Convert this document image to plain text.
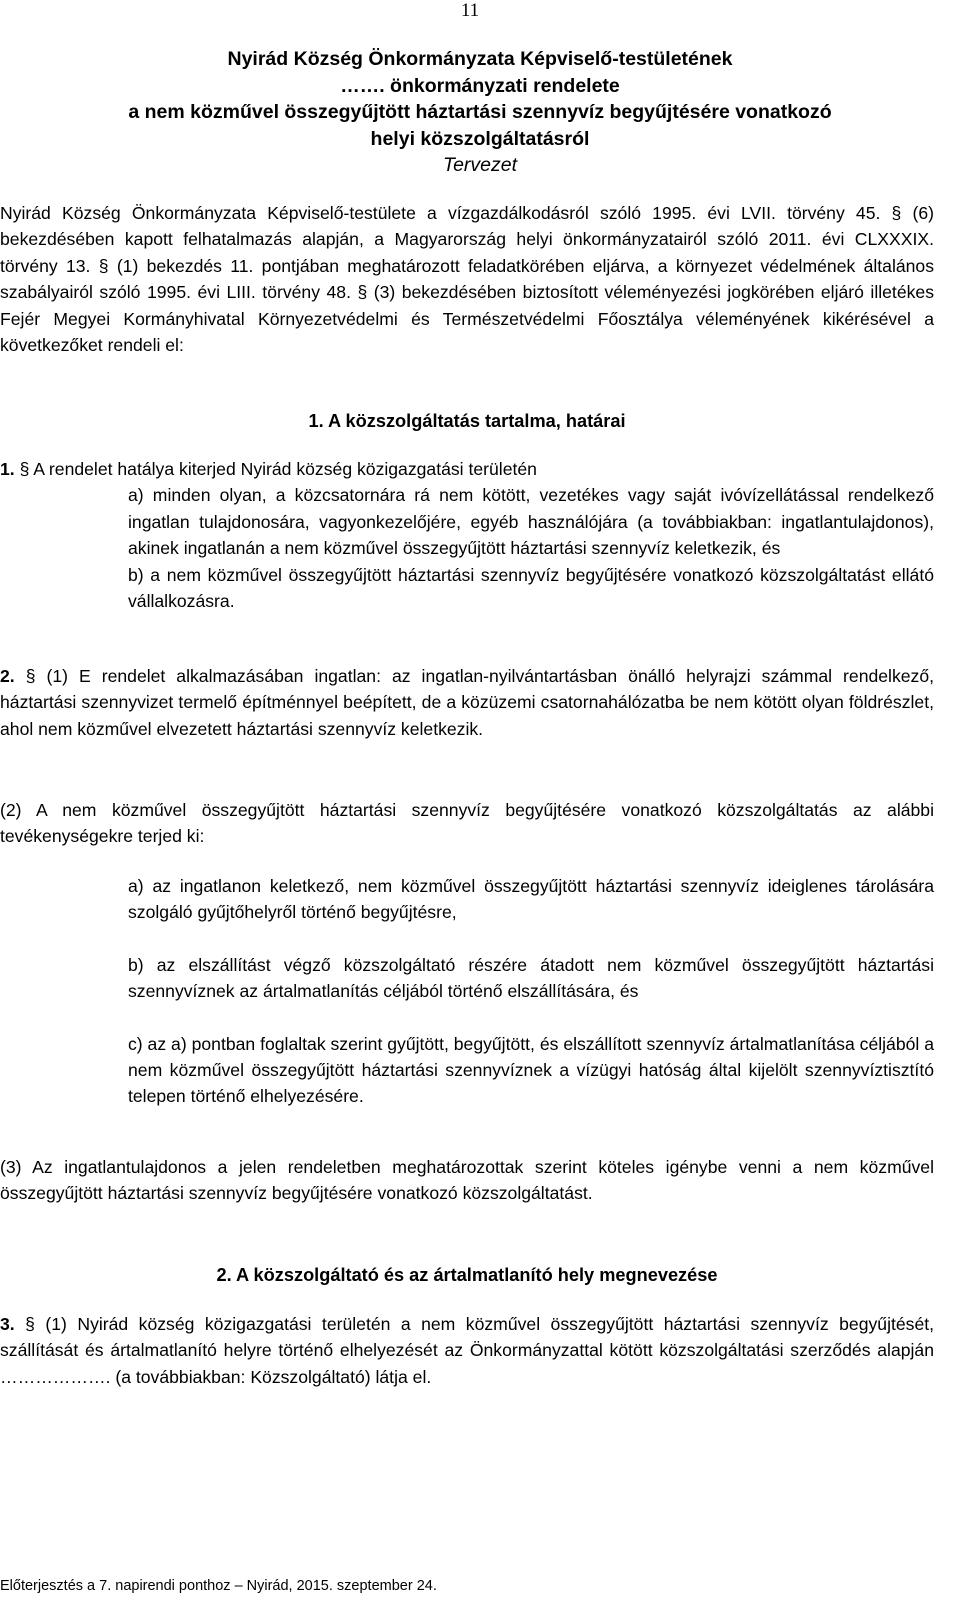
11
Nyirád Község Önkormányzata Képviselő-testületének
……. önkormányzati rendelete
a nem közművel összegyűjtött háztartási szennyvíz begyűjtésére vonatkozó
helyi közszolgáltatásról
Tervezet

Nyirád Község Önkormányzata Képviselő-testülete a vízgazdálkodásról szóló 1995. évi LVII. törvény 45. § (6) bekezdésében kapott felhatalmazás alapján, a Magyarország helyi önkormányzatairól szóló 2011. évi CLXXXIX. törvény 13. § (1) bekezdés 11. pontjában meghatározott feladatkörében eljárva, a környezet védelmének általános szabályairól szóló 1995. évi LIII. törvény 48. § (3) bekezdésében biztosított véleményezési jogkörében eljáró illetékes Fejér Megyei Kormányhivatal Környezetvédelmi és Természetvédelmi Főosztálya véleményének kikérésével a következőket rendeli el:

1. A közszolgáltatás tartalma, határai

1. § A rendelet hatálya kiterjed Nyirád község közigazgatási területén

a) minden olyan, a közcsatornára rá nem kötött, vezetékes vagy saját ivóvízellátással rendelkező ingatlan tulajdonosára, vagyonkezelőjére, egyéb használójára (a továbbiakban: ingatlantulajdonos), akinek ingatlanán a nem közművel összegyűjtött háztartási szennyvíz keletkezik, és

b) a nem közművel összegyűjtött háztartási szennyvíz begyűjtésére vonatkozó közszolgáltatást ellátó vállalkozásra.

2. § (1) E rendelet alkalmazásában ingatlan: az ingatlan-nyilvántartásban önálló helyrajzi számmal rendelkező, háztartási szennyvizet termelő építménnyel beépített, de a közüzemi csatornahálózatba be nem kötött olyan földrészlet, ahol nem közművel elvezetett háztartási szennyvíz keletkezik.

(2) A nem közművel összegyűjtött háztartási szennyvíz begyűjtésére vonatkozó közszolgáltatás az alábbi tevékenységekre terjed ki:

a) az ingatlanon keletkező, nem közművel összegyűjtött háztartási szennyvíz ideiglenes tárolására szolgáló gyűjtőhelyről történő begyűjtésre,

b) az elszállítást végző közszolgáltató részére átadott nem közművel összegyűjtött háztartási szennyvíznek az ártalmatlanítás céljából történő elszállítására, és

c) az a) pontban foglaltak szerint gyűjtött, begyűjtött, és elszállított szennyvíz ártalmatlanítása céljából a nem közművel összegyűjtött háztartási szennyvíznek a vízügyi hatóság által kijelölt szennyvíztisztító telepen történő elhelyezésére.

(3) Az ingatlantulajdonos a jelen rendeletben meghatározottak szerint köteles igénybe venni a nem közművel összegyűjtött háztartási szennyvíz begyűjtésére vonatkozó közszolgáltatást.

2. A közszolgáltató és az ártalmatlanító hely megnevezése

3. § (1) Nyirád község közigazgatási területén a nem közművel összegyűjtött háztartási szennyvíz begyűjtését, szállítását és ártalmatlanító helyre történő elhelyezését az Önkormányzattal kötött közszolgáltatási szerződés alapján ………………. (a továbbiakban: Közszolgáltató) látja el.

Előterjesztés a 7. napirendi ponthoz – Nyirád, 2015. szeptember 24.
